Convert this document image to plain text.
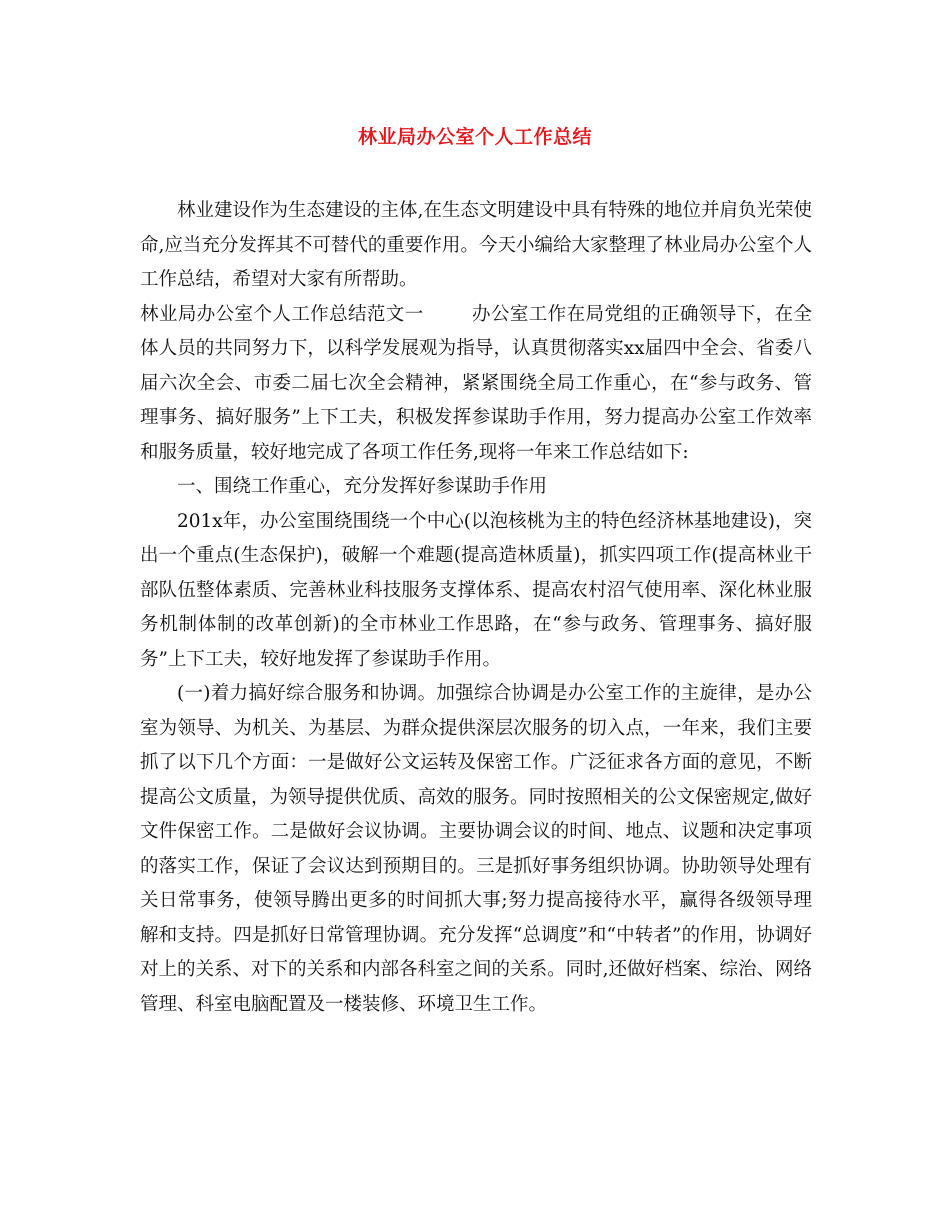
林业局办公室个人工作总结

林业建设作为生态建设的主体,在生态文明建设中具有特殊的地位并肩负光荣使命,应当充分发挥其不可替代的重要作用。今天小编给大家整理了林业局办公室个人工作总结，希望对大家有所帮助。

林业局办公室个人工作总结范文一	办公室工作在局党组的正确领导下，在全体人员的共同努力下，以科学发展观为指导，认真贯彻落实xx届四中全会、省委八届六次全会、市委二届七次全会精神，紧紧围绕全局工作重心，在“参与政务、管理事务、搞好服务”上下工夫，积极发挥参谋助手作用，努力提高办公室工作效率和服务质量，较好地完成了各项工作任务,现将一年来工作总结如下:

一、围绕工作重心，充分发挥好参谋助手作用

201x年，办公室围绕围绕一个中心(以泡核桃为主的特色经济林基地建设)，突出一个重点(生态保护)，破解一个难题(提高造林质量)，抓实四项工作(提高林业干部队伍整体素质、完善林业科技服务支撑体系、提高农村沼气使用率、深化林业服务机制体制的改革创新)的全市林业工作思路，在“参与政务、管理事务、搞好服务”上下工夫，较好地发挥了参谋助手作用。

(一)着力搞好综合服务和协调。加强综合协调是办公室工作的主旋律，是办公室为领导、为机关、为基层、为群众提供深层次服务的切入点，一年来，我们主要抓了以下几个方面：一是做好公文运转及保密工作。广泛征求各方面的意见，不断提高公文质量，为领导提供优质、高效的服务。同时按照相关的公文保密规定,做好文件保密工作。二是做好会议协调。主要协调会议的时间、地点、议题和决定事项的落实工作，保证了会议达到预期目的。三是抓好事务组织协调。协助领导处理有关日常事务，使领导腾出更多的时间抓大事;努力提高接待水平，赢得各级领导理解和支持。四是抓好日常管理协调。充分发挥“总调度”和“中转者”的作用，协调好对上的关系、对下的关系和内部各科室之间的关系。同时,还做好档案、综治、网络管理、科室电脑配置及一楼装修、环境卫生工作。
